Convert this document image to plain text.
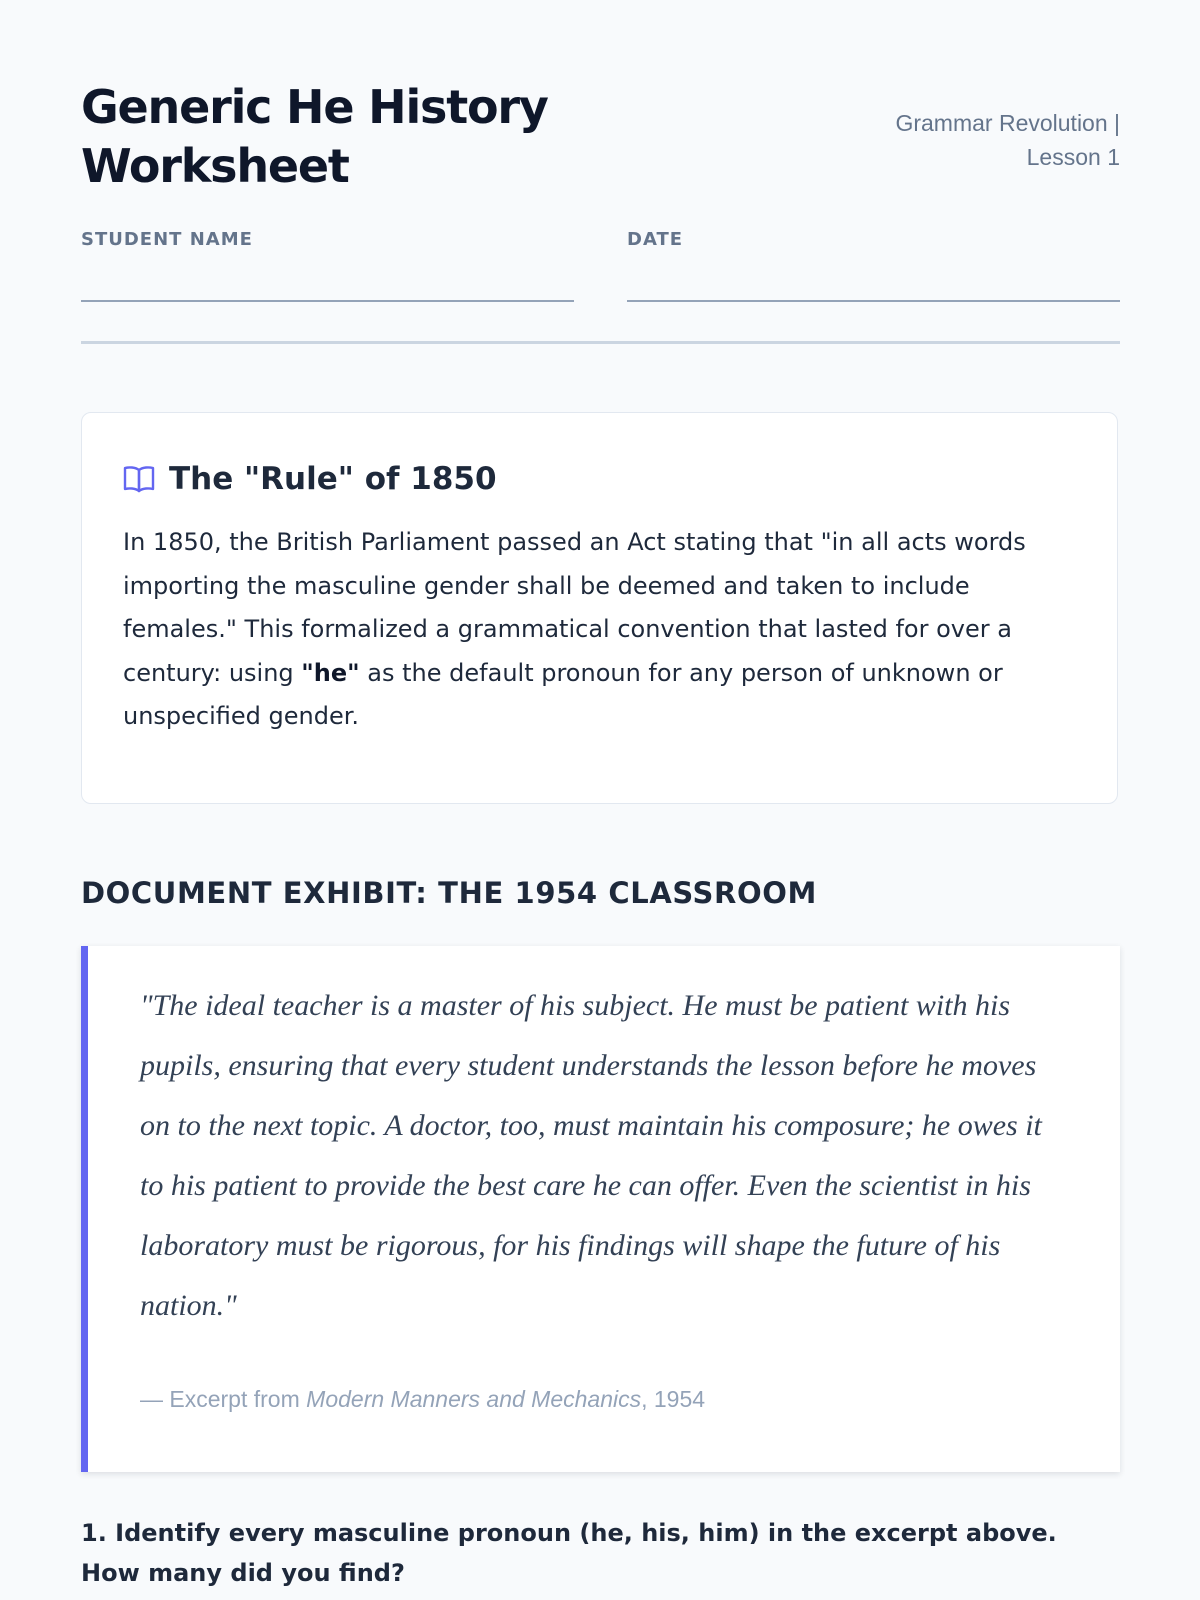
Generic He History
Worksheet
Grammar Revolution |
Lesson 1
STUDENT NAME	DATE
The "Rule" of 1850

In 1850, the British Parliament passed an Act stating that "in all acts words importing the masculine gender shall be deemed and taken to include females." This formalized a grammatical convention that lasted for over a century: using "he" as the default pronoun for any person of unknown or unspecified gender.

DOCUMENT EXHIBIT: THE 1954 CLASSROOM

"The ideal teacher is a master of his subject. He must be patient with his pupils, ensuring that every student understands the lesson before he moves on to the next topic. A doctor, too, must maintain his composure; he owes it to his patient to provide the best care he can offer. Even the scientist in his laboratory must be rigorous, for his findings will shape the future of his nation."

— Excerpt from Modern Manners and Mechanics, 1954

1. Identify every masculine pronoun (he, his, him) in the excerpt above. How many did you find?
